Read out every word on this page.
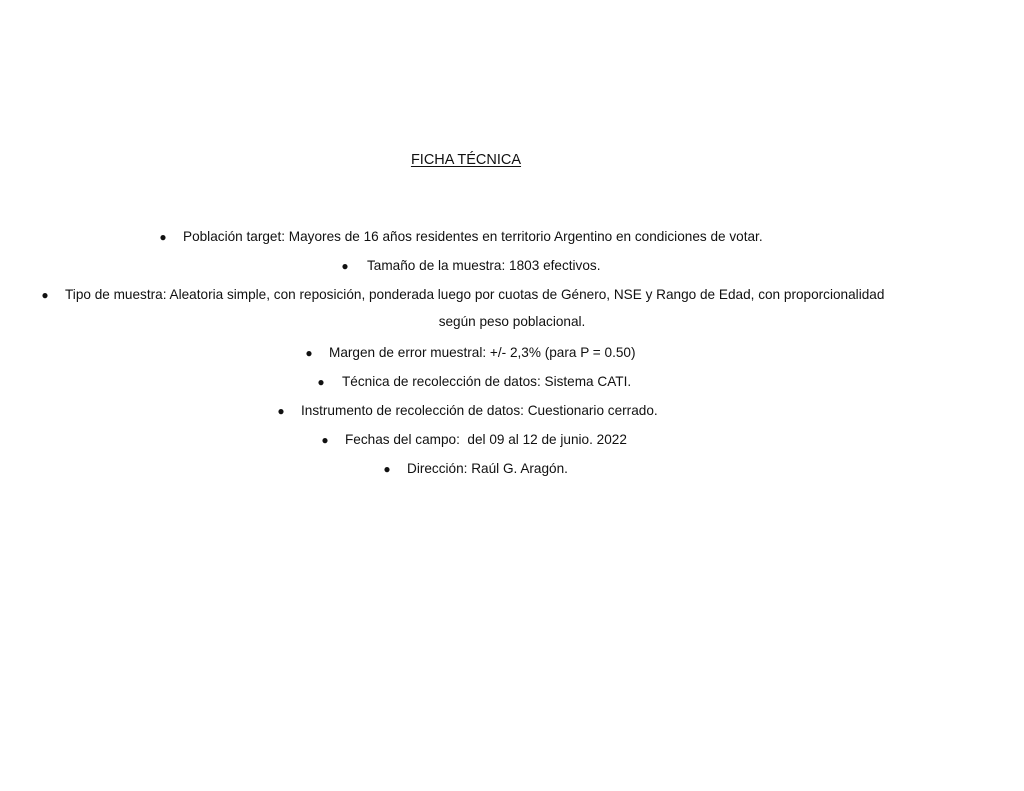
FICHA TÉCNICA
● Población target: Mayores de 16 años residentes en territorio Argentino en condiciones de votar.
● Tamaño de la muestra: 1803 efectivos.
● Tipo de muestra: Aleatoria simple, con reposición, ponderada luego por cuotas de Género, NSE y Rango de Edad, con proporcionalidad
según peso poblacional.
● Margen de error muestral: +/- 2,3% (para P = 0.50)
● Técnica de recolección de datos: Sistema CATI.
● Instrumento de recolección de datos: Cuestionario cerrado.
● Fechas del campo:  del 09 al 12 de junio. 2022
● Dirección: Raúl G. Aragón.
